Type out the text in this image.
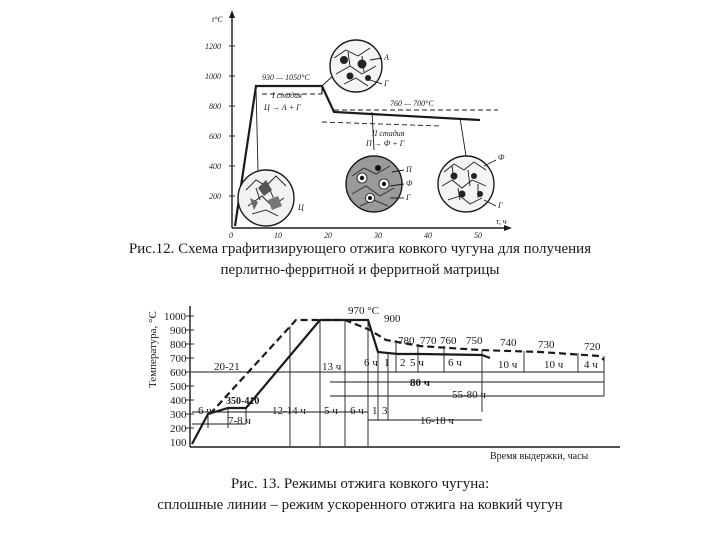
t°C
τ, ч
1200
1000
800
600
400
200
0	10	20	30	40	50
930 — 1050°C
I стадия
Ц → А + Г	760 — 700°C
II стадия
П → Ф + Г
Ц
А
Г
П
Ф
Г
Ф
Г
Температура, °С
Время выдержки, часы
1000
900
800
700
600
500
400
300
200
100
970 °С
900
780 770 760 750 740 730	720
20-21	13 ч 6 ч 1 2 5 ч 6 ч	10 ч 10 ч 4 ч
80 ч
55-80 ч
16-18 ч
350-410
6 ч	12-14 ч 5 ч 6 ч 1 3
7-8 ч
Рис.12. Схема графитизирующего отжига ковкого чугуна для получения
перлитно-ферритной и ферритной матрицы
Рис. 13. Режимы отжига ковкого чугуна:
сплошные линии – режим ускоренного отжига на ковкий чугун
